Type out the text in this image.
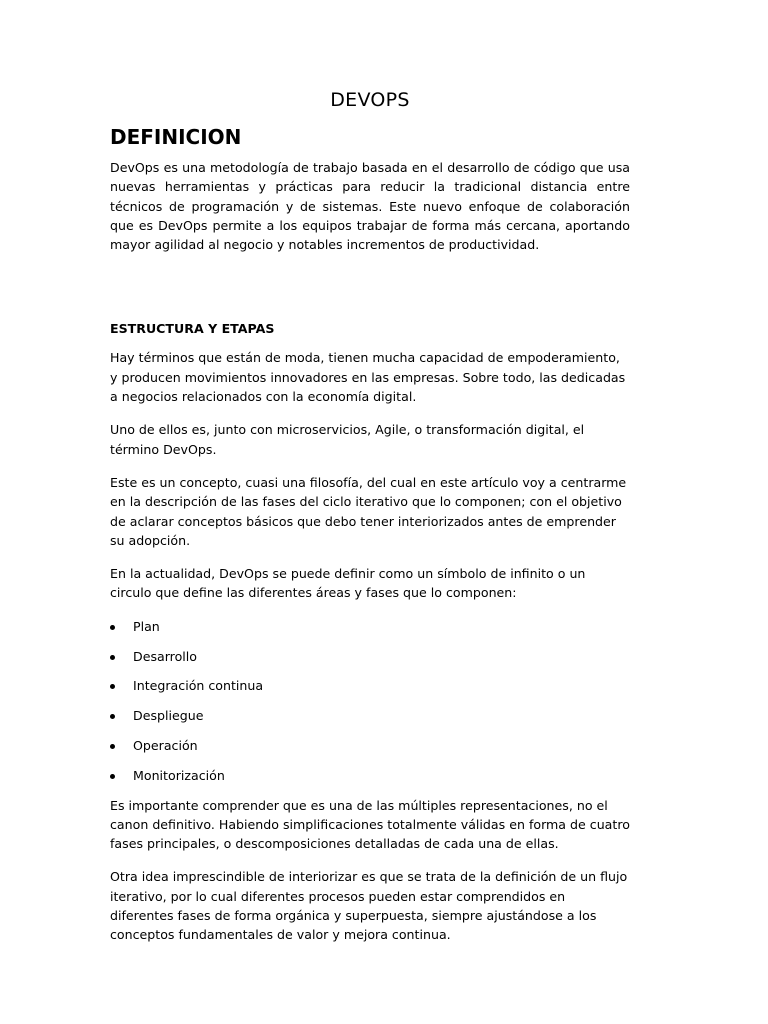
DEVOPS
DEFINICION

DevOps es una metodología de trabajo basada en el desarrollo de código que usa nuevas herramientas y prácticas para reducir la tradicional distancia entre técnicos de programación y de sistemas. Este nuevo enfoque de colaboración que es DevOps permite a los equipos trabajar de forma más cercana, aportando mayor agilidad al negocio y notables incrementos de productividad.

ESTRUCTURA Y ETAPAS

Hay términos que están de moda, tienen mucha capacidad de empoderamiento, y producen movimientos innovadores en las empresas. Sobre todo, las dedicadas a negocios relacionados con la economía digital.

Uno de ellos es, junto con microservicios, Agile, o transformación digital, el término DevOps.

Este es un concepto, cuasi una filosofía, del cual en este artículo voy a centrarme en la descripción de las fases del ciclo iterativo que lo componen; con el objetivo de aclarar conceptos básicos que debo tener interiorizados antes de emprender su adopción.

En la actualidad, DevOps se puede definir como un símbolo de infinito o un circulo que define las diferentes áreas y fases que lo componen:

Plan
Desarrollo
Integración continua
Despliegue
Operación
Monitorización

Es importante comprender que es una de las múltiples representaciones, no el canon definitivo. Habiendo simplificaciones totalmente válidas en forma de cuatro fases principales, o descomposiciones detalladas de cada una de ellas.

Otra idea imprescindible de interiorizar es que se trata de la definición de un flujo iterativo, por lo cual diferentes procesos pueden estar comprendidos en diferentes fases de forma orgánica y superpuesta, siempre ajustándose a los conceptos fundamentales de valor y mejora continua.
